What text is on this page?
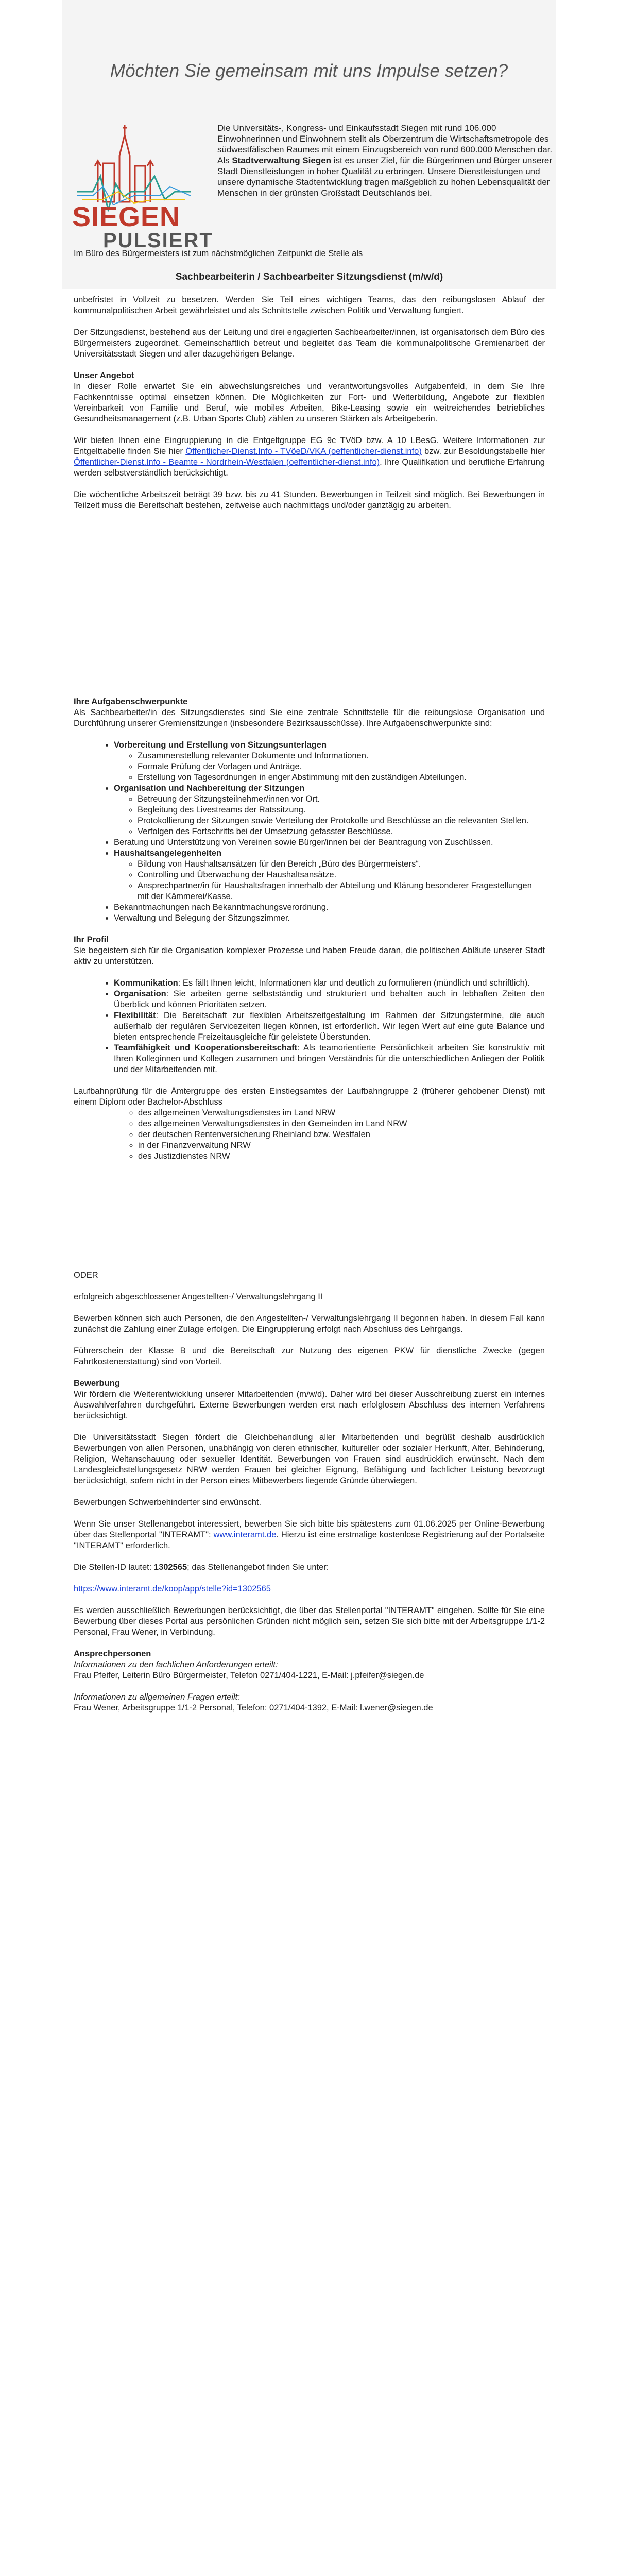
Möchten Sie gemeinsam mit uns Impulse setzen?
SIEGEN
PULSIERT

Die Universitäts-, Kongress- und Einkaufsstadt Siegen mit rund 106.000 Einwohnerinnen und Einwohnern stellt als Oberzentrum die Wirtschaftsmetropole des südwestfälischen Raumes mit einem Einzugsbereich von rund 600.000 Menschen dar.

Als Stadtverwaltung Siegen ist es unser Ziel, für die Bürgerinnen und Bürger unserer Stadt Dienstleistungen in hoher Qualität zu erbringen. Unsere Dienstleistungen und unsere dynamische Stadtentwicklung tragen maßgeblich zu hohen Lebensqualität der Menschen in der grünsten Großstadt Deutschlands bei.

Im Büro des Bürgermeisters ist zum nächstmöglichen Zeitpunkt die Stelle als

Sachbearbeiterin / Sachbearbeiter Sitzungsdienst (m/w/d)

unbefristet in Vollzeit zu besetzen. Werden Sie Teil eines wichtigen Teams, das den reibungslosen Ablauf der kommunalpolitischen Arbeit gewährleistet und als Schnittstelle zwischen Politik und Verwaltung fungiert.

Der Sitzungsdienst, bestehend aus der Leitung und drei engagierten Sachbearbeiter/innen, ist organisatorisch dem Büro des Bürgermeisters zugeordnet. Gemeinschaftlich betreut und begleitet das Team die kommunalpolitische Gremienarbeit der Universitätsstadt Siegen und aller dazugehörigen Belange.

Unser Angebot

In dieser Rolle erwartet Sie ein abwechslungsreiches und verantwortungsvolles Aufgabenfeld, in dem Sie Ihre Fachkenntnisse optimal einsetzen können. Die Möglichkeiten zur Fort- und Weiterbildung, Angebote zur flexiblen Vereinbarkeit von Familie und Beruf, wie mobiles Arbeiten, Bike-Leasing sowie ein weitreichendes betriebliches Gesundheitsmanagement (z.B. Urban Sports Club) zählen zu unseren Stärken als Arbeitgeberin.

Wir bieten Ihnen eine Eingruppierung in die Entgeltgruppe EG 9c TVöD bzw. A 10 LBesG. Weitere Informationen zur Entgelttabelle finden Sie hier Öffentlicher-Dienst.Info - TVöeD/VKA (oeffentlicher-dienst.info) bzw. zur Besoldungstabelle hier Öffentlicher-Dienst.Info - Beamte - Nordrhein-Westfalen (oeffentlicher-dienst.info). Ihre Qualifikation und berufliche Erfahrung werden selbstverständlich berücksichtigt.

Die wöchentliche Arbeitszeit beträgt 39 bzw. bis zu 41 Stunden. Bewerbungen in Teilzeit sind möglich. Bei Bewerbungen in Teilzeit muss die Bereitschaft bestehen, zeitweise auch nachmittags und/oder ganztägig zu arbeiten.

Ihre Aufgabenschwerpunkte

Als Sachbearbeiter/in des Sitzungsdienstes sind Sie eine zentrale Schnittstelle für die reibungslose Organisation und Durchführung unserer Gremiensitzungen (insbesondere Bezirksausschüsse). Ihre Aufgabenschwerpunkte sind:

• Vorbereitung und Erstellung von Sitzungsunterlagen
◦ Zusammenstellung relevanter Dokumente und Informationen.
◦ Formale Prüfung der Vorlagen und Anträge.
◦ Erstellung von Tagesordnungen in enger Abstimmung mit den zuständigen Abteilungen.
• Organisation und Nachbereitung der Sitzungen
◦ Betreuung der Sitzungsteilnehmer/innen vor Ort.
◦ Begleitung des Livestreams der Ratssitzung.
◦ Protokollierung der Sitzungen sowie Verteilung der Protokolle und Beschlüsse an die relevanten Stellen.
◦ Verfolgen des Fortschritts bei der Umsetzung gefasster Beschlüsse.
• Beratung und Unterstützung von Vereinen sowie Bürger/innen bei der Beantragung von Zuschüssen.
• Haushaltsangelegenheiten
◦ Bildung von Haushaltsansätzen für den Bereich „Büro des Bürgermeisters“.
◦ Controlling und Überwachung der Haushaltsansätze.
◦ Ansprechpartner/in für Haushaltsfragen innerhalb der Abteilung und Klärung besonderer Fragestellungen mit der Kämmerei/Kasse.
• Bekanntmachungen nach Bekanntmachungsverordnung.
• Verwaltung und Belegung der Sitzungszimmer.

Ihr Profil

Sie begeistern sich für die Organisation komplexer Prozesse und haben Freude daran, die politischen Abläufe unserer Stadt aktiv zu unterstützen.

• Kommunikation: Es fällt Ihnen leicht, Informationen klar und deutlich zu formulieren (mündlich und schriftlich).
• Organisation: Sie arbeiten gerne selbstständig und strukturiert und behalten auch in lebhaften Zeiten den Überblick und können Prioritäten setzen.
• Flexibilität: Die Bereitschaft zur flexiblen Arbeitszeitgestaltung im Rahmen der Sitzungstermine, die auch außerhalb der regulären Servicezeiten liegen können, ist erforderlich. Wir legen Wert auf eine gute Balance und bieten entsprechende Freizeitausgleiche für geleistete Überstunden.
• Teamfähigkeit und Kooperationsbereitschaft: Als teamorientierte Persönlichkeit arbeiten Sie konstruktiv mit Ihren Kolleginnen und Kollegen zusammen und bringen Verständnis für die unterschiedlichen Anliegen der Politik und der Mitarbeitenden mit.

Laufbahnprüfung für die Ämtergruppe des ersten Einstiegsamtes der Laufbahngruppe 2 (früherer gehobener Dienst) mit einem Diplom oder Bachelor-Abschluss

◦ des allgemeinen Verwaltungsdienstes im Land NRW
◦ des allgemeinen Verwaltungsdienstes in den Gemeinden im Land NRW
◦ der deutschen Rentenversicherung Rheinland bzw. Westfalen
◦ in der Finanzverwaltung NRW
◦ des Justizdienstes NRW

ODER

erfolgreich abgeschlossener Angestellten-/ Verwaltungslehrgang II

Bewerben können sich auch Personen, die den Angestellten-/ Verwaltungslehrgang II begonnen haben. In diesem Fall kann zunächst die Zahlung einer Zulage erfolgen. Die Eingruppierung erfolgt nach Abschluss des Lehrgangs.

Führerschein der Klasse B und die Bereitschaft zur Nutzung des eigenen PKW für dienstliche Zwecke (gegen Fahrtkostenerstattung) sind von Vorteil.

Bewerbung

Wir fördern die Weiterentwicklung unserer Mitarbeitenden (m/w/d). Daher wird bei dieser Ausschreibung zuerst ein internes Auswahlverfahren durchgeführt. Externe Bewerbungen werden erst nach erfolglosem Abschluss des internen Verfahrens berücksichtigt.

Die Universitätsstadt Siegen fördert die Gleichbehandlung aller Mitarbeitenden und begrüßt deshalb ausdrücklich Bewerbungen von allen Personen, unabhängig von deren ethnischer, kultureller oder sozialer Herkunft, Alter, Behinderung, Religion, Weltanschauung oder sexueller Identität. Bewerbungen von Frauen sind ausdrücklich erwünscht. Nach dem Landesgleichstellungsgesetz NRW werden Frauen bei gleicher Eignung, Befähigung und fachlicher Leistung bevorzugt berücksichtigt, sofern nicht in der Person eines Mitbewerbers liegende Gründe überwiegen.

Bewerbungen Schwerbehinderter sind erwünscht.

Wenn Sie unser Stellenangebot interessiert, bewerben Sie sich bitte bis spätestens zum 01.06.2025 per Online-Bewerbung über das Stellenportal "INTERAMT": www.interamt.de. Hierzu ist eine erstmalige kostenlose Registrierung auf der Portalseite "INTERAMT" erforderlich.

Die Stellen-ID lautet: 1302565; das Stellenangebot finden Sie unter:

https://www.interamt.de/koop/app/stelle?id=1302565

Es werden ausschließlich Bewerbungen berücksichtigt, die über das Stellenportal "INTERAMT" eingehen. Sollte für Sie eine Bewerbung über dieses Portal aus persönlichen Gründen nicht möglich sein, setzen Sie sich bitte mit der Arbeitsgruppe 1/1-2 Personal, Frau Wener, in Verbindung.

Ansprechpersonen

Informationen zu den fachlichen Anforderungen erteilt:

Frau Pfeifer, Leiterin Büro Bürgermeister, Telefon 0271/404-1221, E-Mail: j.pfeifer@siegen.de

Informationen zu allgemeinen Fragen erteilt:

Frau Wener, Arbeitsgruppe 1/1-2 Personal, Telefon: 0271/404-1392, E-Mail: l.wener@siegen.de
